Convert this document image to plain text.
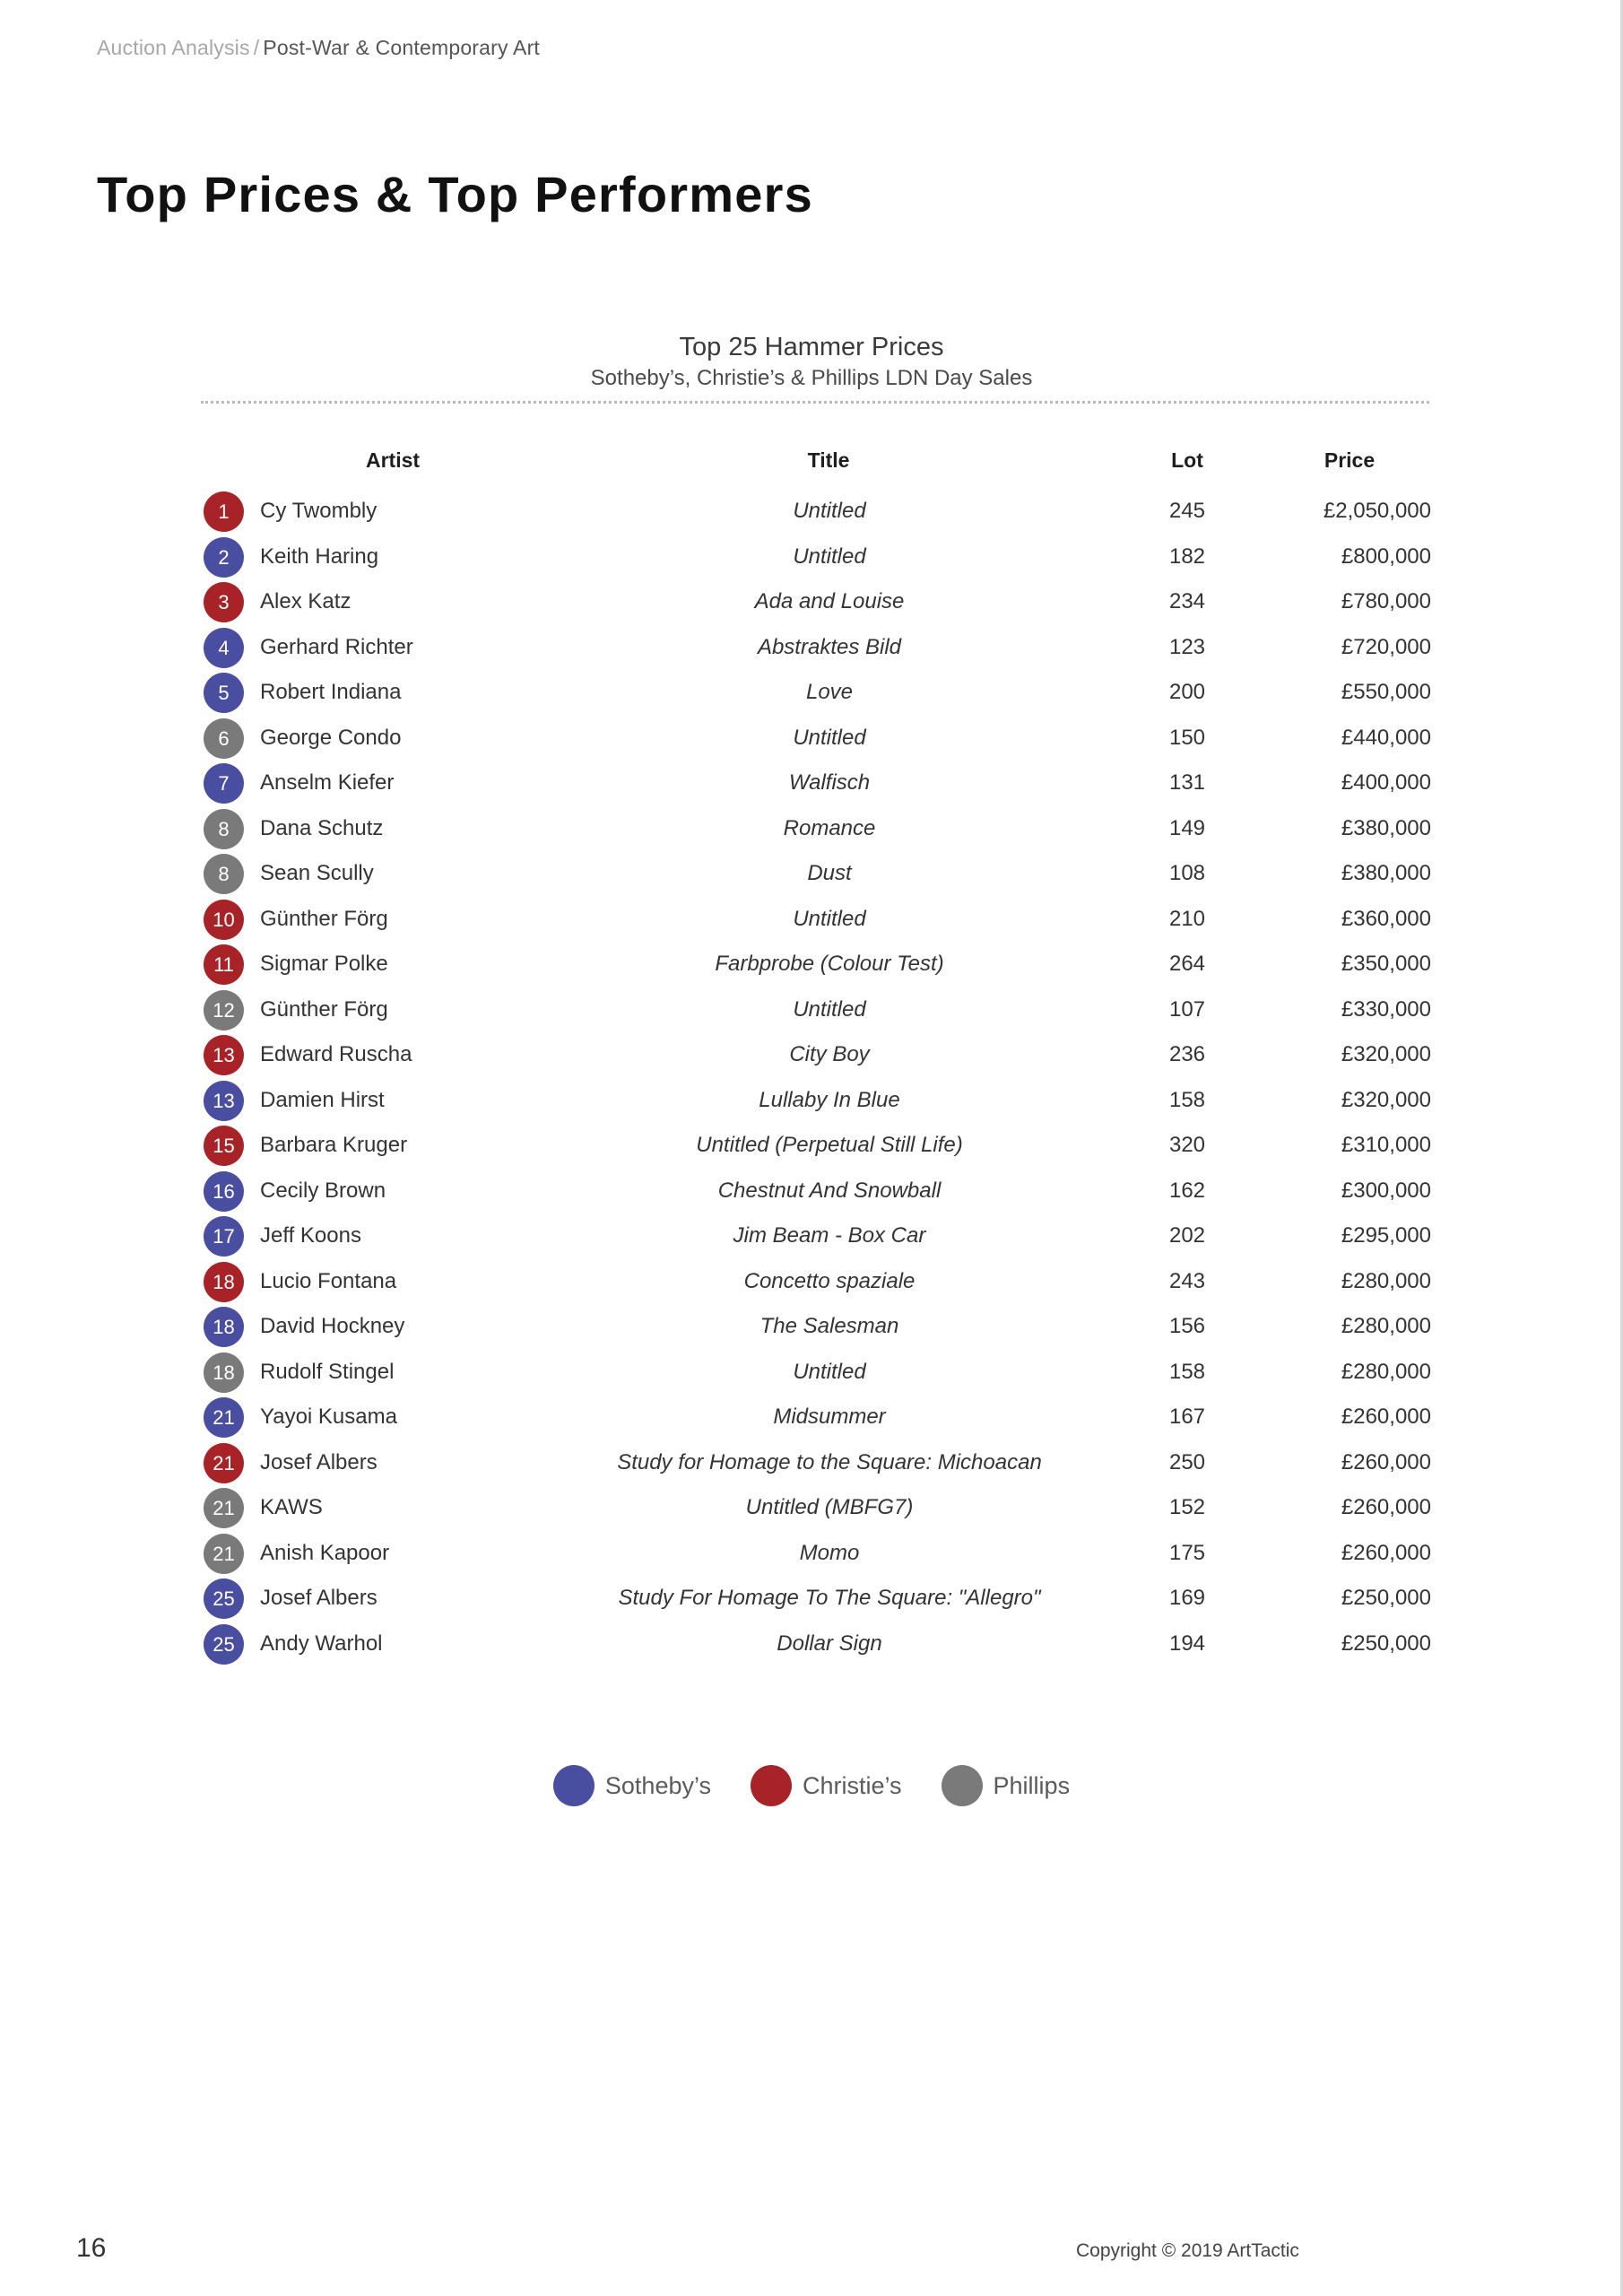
Auction Analysis / Post-War & Contemporary Art
Top Prices & Top Performers
Top 25 Hammer Prices
Sotheby’s, Christie’s & Phillips LDN Day Sales
Artist	Title	Lot	Price
1	Cy Twombly	Untitled	245	£2,050,000
2	Keith Haring	Untitled	182	£800,000
3	Alex Katz	Ada and Louise	234	£780,000
4	Gerhard Richter	Abstraktes Bild	123	£720,000
5	Robert Indiana	Love	200	£550,000
6	George Condo	Untitled	150	£440,000
7	Anselm Kiefer	Walfisch	131	£400,000
8	Dana Schutz	Romance	149	£380,000
8	Sean Scully	Dust	108	£380,000
10	Günther Förg	Untitled	210	£360,000
11	Sigmar Polke	Farbprobe (Colour Test)	264	£350,000
12	Günther Förg	Untitled	107	£330,000
13	Edward Ruscha	City Boy	236	£320,000
13	Damien Hirst	Lullaby In Blue	158	£320,000
15	Barbara Kruger	Untitled (Perpetual Still Life)	320	£310,000
16	Cecily Brown	Chestnut And Snowball	162	£300,000
17	Jeff Koons	Jim Beam - Box Car	202	£295,000
18	Lucio Fontana	Concetto spaziale	243	£280,000
18	David Hockney	The Salesman	156	£280,000
18	Rudolf Stingel	Untitled	158	£280,000
21	Yayoi Kusama	Midsummer	167	£260,000
21	Josef Albers	Study for Homage to the Square: Michoacan	250	£260,000
21	KAWS	Untitled (MBFG7)	152	£260,000
21	Anish Kapoor	Momo	175	£260,000
25	Josef Albers	Study For Homage To The Square: "Allegro"	169	£250,000
25	Andy Warhol	Dollar Sign	194	£250,000
Sotheby’s	Christie’s	Phillips
16	Copyright © 2019 ArtTactic
